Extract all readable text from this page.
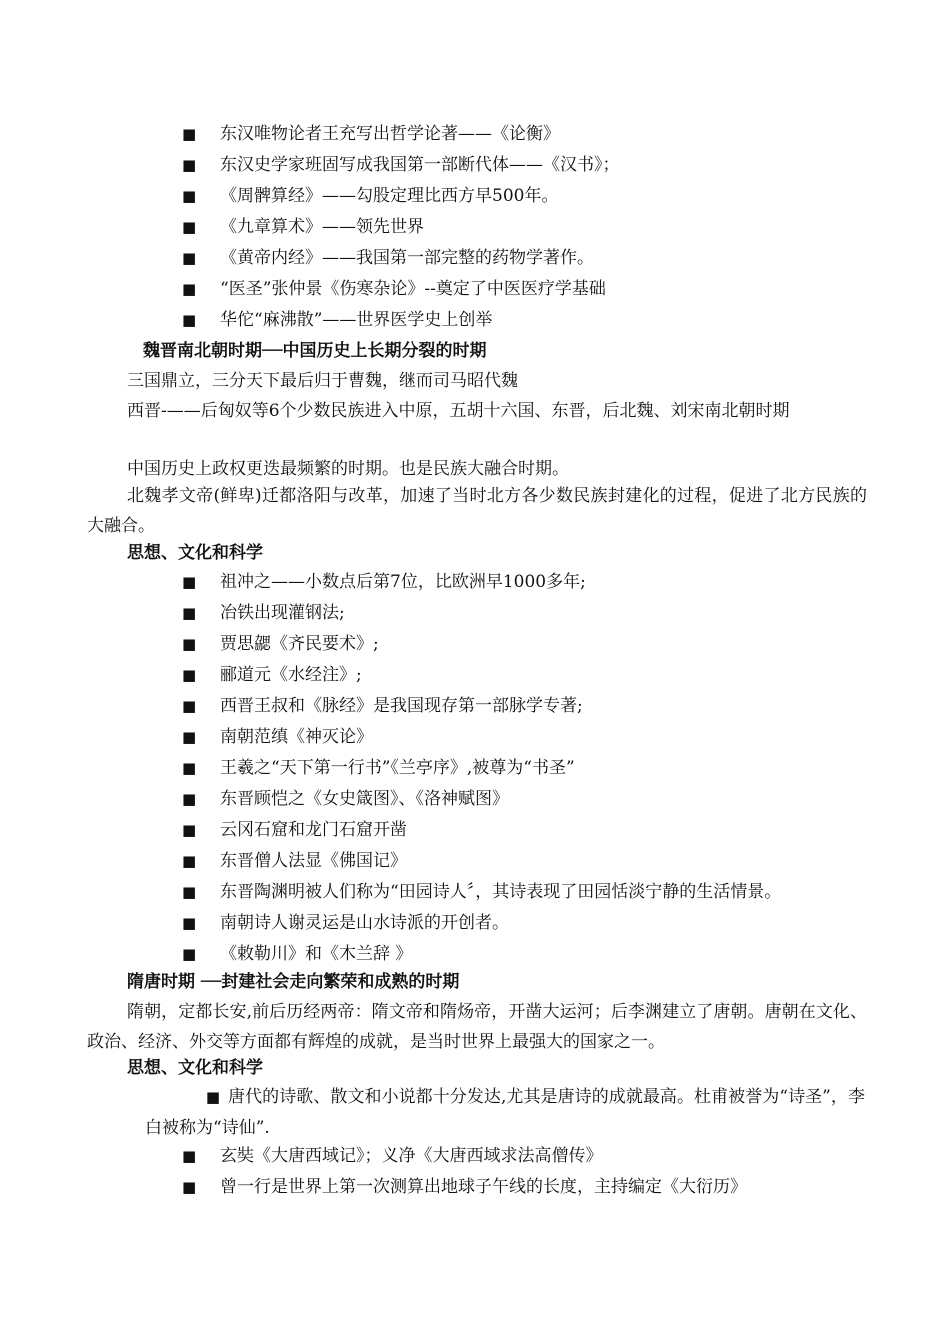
■ 东汉唯物论者王充写出哲学论著——《论衡》
■ 东汉史学家班固写成我国第一部断代体——《汉书》；
■ 《周髀算经》——勾股定理比西方早500年。
■ 《九章算术》——领先世界
■ 《黄帝内经》——我国第一部完整的药物学著作。
■ “医圣”张仲景《伤寒杂论》--奠定了中医医疗学基础
■ 华佗“麻沸散”——世界医学史上创举
魏晋南北朝时期──中国历史上长期分裂的时期
三国鼎立，三分天下最后归于曹魏，继而司马昭代魏
西晋-——后匈奴等6个少数民族进入中原，五胡十六国、东晋，后北魏、刘宋南北朝时期
中国历史上政权更迭最频繁的时期。也是民族大融合时期。
北魏孝文帝(鲜卑)迁都洛阳与改革，加速了当时北方各少数民族封建化的过程，促进了北方民族的大融合。
思想、文化和科学
■ 祖冲之——小数点后第7位，比欧洲早1000多年;
■ 冶铁出现灌钢法;
■ 贾思勰《齐民要术》;
■ 郦道元《水经注》;
■ 西晋王叔和《脉经》是我国现存第一部脉学专著;
■ 南朝范缜《神灭论》
■ 王羲之“天下第一行书”《兰亭序》,被尊为“书圣”
■ 东晋顾恺之《女史箴图》、《洛神赋图》
■ 云冈石窟和龙门石窟开凿
■ 东晋僧人法显《佛国记》
■ 东晋陶渊明被人们称为“田园诗人〞，其诗表现了田园恬淡宁静的生活情景。
■ 南朝诗人谢灵运是山水诗派的开创者。
■ 《敕勒川》和《木兰辞 》
隋唐时期 ──封建社会走向繁荣和成熟的时期
隋朝，定都长安,前后历经两帝：隋文帝和隋炀帝，开凿大运河；后李渊建立了唐朝。唐朝在文化、政治、经济、外交等方面都有辉煌的成就，是当时世界上最强大的国家之一。
思想、文化和科学
■ 唐代的诗歌、散文和小说都十分发达,尤其是唐诗的成就最高。杜甫被誉为“诗圣”，李白被称为“诗仙”.
■ 玄奘《大唐西域记》；义净《大唐西域求法高僧传》
■ 曾一行是世界上第一次测算出地球子午线的长度，主持编定《大衍历》
